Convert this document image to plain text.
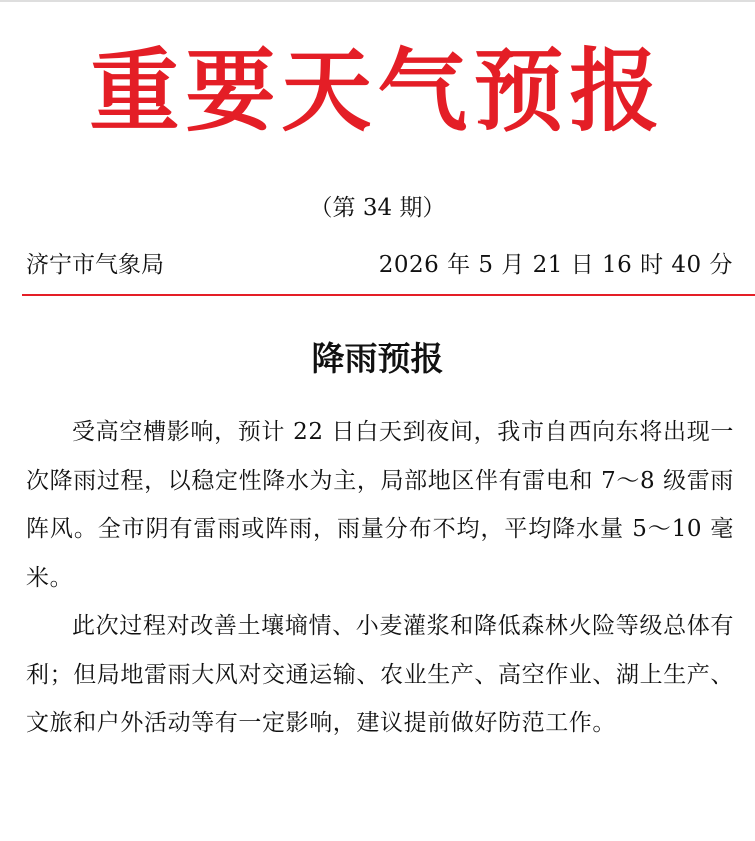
重要天气预报
（第 34 期）
济宁市气象局	2026 年 5 月 21 日 16 时 40 分
降雨预报

受高空槽影响，预计 22 日白天到夜间，我市自西向东将出现一次降雨过程，以稳定性降水为主，局部地区伴有雷电和 7～8 级雷雨阵风。全市阴有雷雨或阵雨，雨量分布不均，平均降水量 5～10 毫米。

此次过程对改善土壤墒情、小麦灌浆和降低森林火险等级总体有利；但局地雷雨大风对交通运输、农业生产、高空作业、湖上生产、文旅和户外活动等有一定影响，建议提前做好防范工作。
